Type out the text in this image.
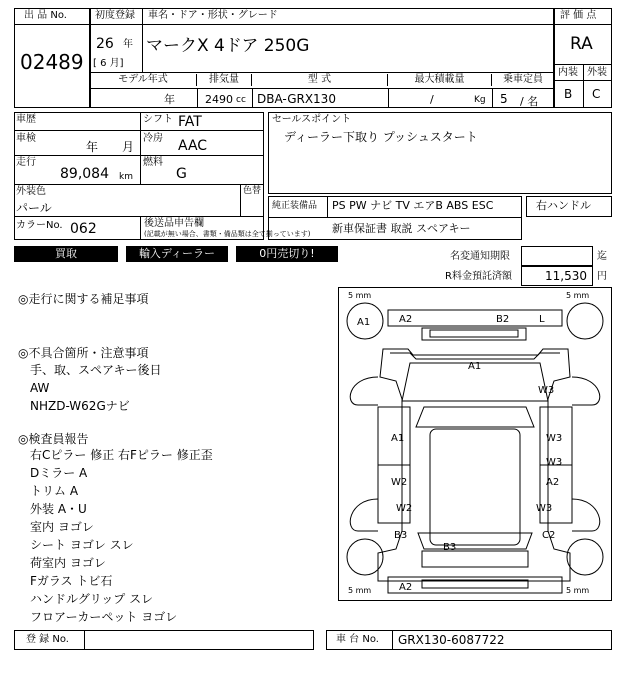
出 品 No.
02489
初度登録 車名・ドア・形状・グレード
26 年
[ 6 月]
マークX 4ドア 250G
モデル年式	排気量	型 式	最大積載量	乗車定員
年	2490 cc DBA-GRX130	/	Kg 5 / 名
評 価 点
RA
内装 外装
B C
車歴	シフト FAT
車検
年 月
冷房 AAC
走行
89,084 km
燃料
G
外装色
パール
色替
カラーNo. 062	後送品申告欄
(記載が無い場合、書類・備品類は全て揃っています)
セールスポイント
ディーラー下取り プッシュスタート
純正装備品 PS PW ナビ TV エアB ABS ESC
新車保証書 取説 スペアキー
右ハンドル
買取	輸入ディーラー	0円売切り!	名変通知期限	迄
R料金預託済額	11,530 円
◎走行に関する補足事項
◎不具合箇所・注意事項
手、取、スペアキー後日
AW
NHZD-W62Gナビ
◎検査員報告
右Cピラー 修正 右Fピラー 修正歪
Dミラー A
トリム A
外装 A・U
室内 ヨゴレ
シート ヨゴレ スレ
荷室内 ヨゴレ
Fガラス トビ石
ハンドルグリップ スレ
フロアーカーペット ヨゴレ
5 mm	5 mm
5 mm	5 mm
A1	A2	B2	L
A1
W3
A1	W3
W3
W2	A2
W2	W3
B3	C2
B3
A2
登 録 No.	車 台 No. GRX130-6087722
